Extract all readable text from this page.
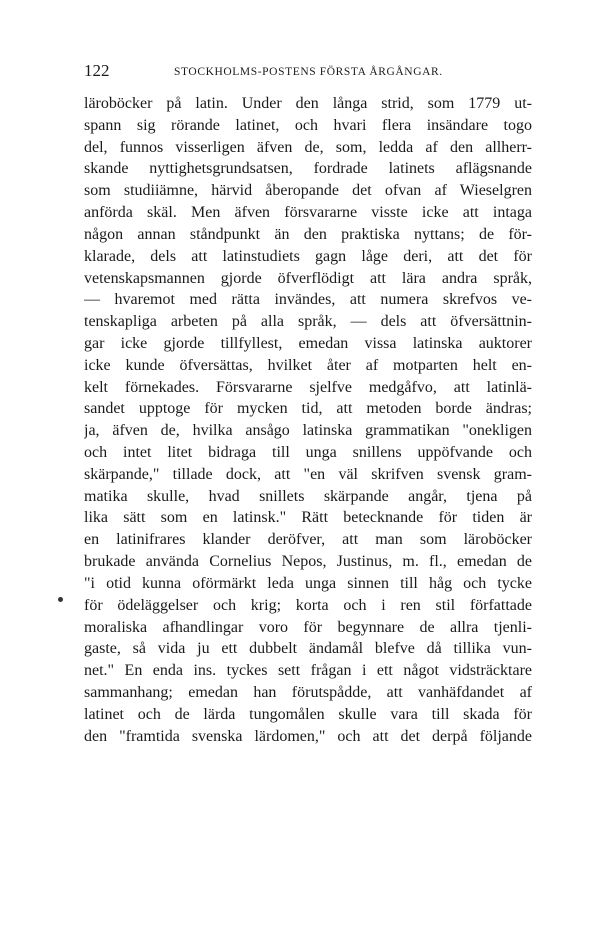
122	STOCKHOLMS-POSTENS FÖRSTA ÅRGÅNGAR.
läroböcker på latin. Under den långa strid, som 1779 ut-
spann sig rörande latinet, och hvari flera insändare togo
del, funnos visserligen äfven de, som, ledda af den allherr-
skande nyttighetsgrundsatsen, fordrade latinets aflägsnande
som studiiämne, härvid åberopande det ofvan af Wieselgren
anförda skäl. Men äfven försvararne visste icke att intaga
någon annan ståndpunkt än den praktiska nyttans; de för-
klarade, dels att latinstudiets gagn låge deri, att det för
vetenskapsmannen gjorde öfverflödigt att lära andra språk,
— hvaremot med rätta invändes, att numera skrefvos ve-
tenskapliga arbeten på alla språk, — dels att öfversättnin-
gar icke gjorde tillfyllest, emedan vissa latinska auktorer
icke kunde öfversättas, hvilket åter af motparten helt en-
kelt förnekades. Försvararne sjelfve medgåfvo, att latinlä-
sandet upptoge för mycken tid, att metoden borde ändras;
ja, äfven de, hvilka ansågo latinska grammatikan "onekligen
och intet litet bidraga till unga snillens uppöfvande och
skärpande," tillade dock, att "en väl skrifven svensk gram-
matika skulle, hvad snillets skärpande angår, tjena på
lika sätt som en latinsk." Rätt betecknande för tiden är
en latinifrares klander deröfver, att man som läroböcker
brukade använda Cornelius Nepos, Justinus, m. fl., emedan de
"i otid kunna oförmärkt leda unga sinnen till håg och tycke
för ödeläggelser och krig; korta och i ren stil författade
moraliska afhandlingar voro för begynnare de allra tjenli-
gaste, så vida ju ett dubbelt ändamål blefve då tillika vun-
net." En enda ins. tyckes sett frågan i ett något vidsträcktare
sammanhang; emedan han förutspådde, att vanhäfdandet af
latinet och de lärda tungomålen skulle vara till skada för
den "framtida svenska lärdomen," och att det derpå följande
